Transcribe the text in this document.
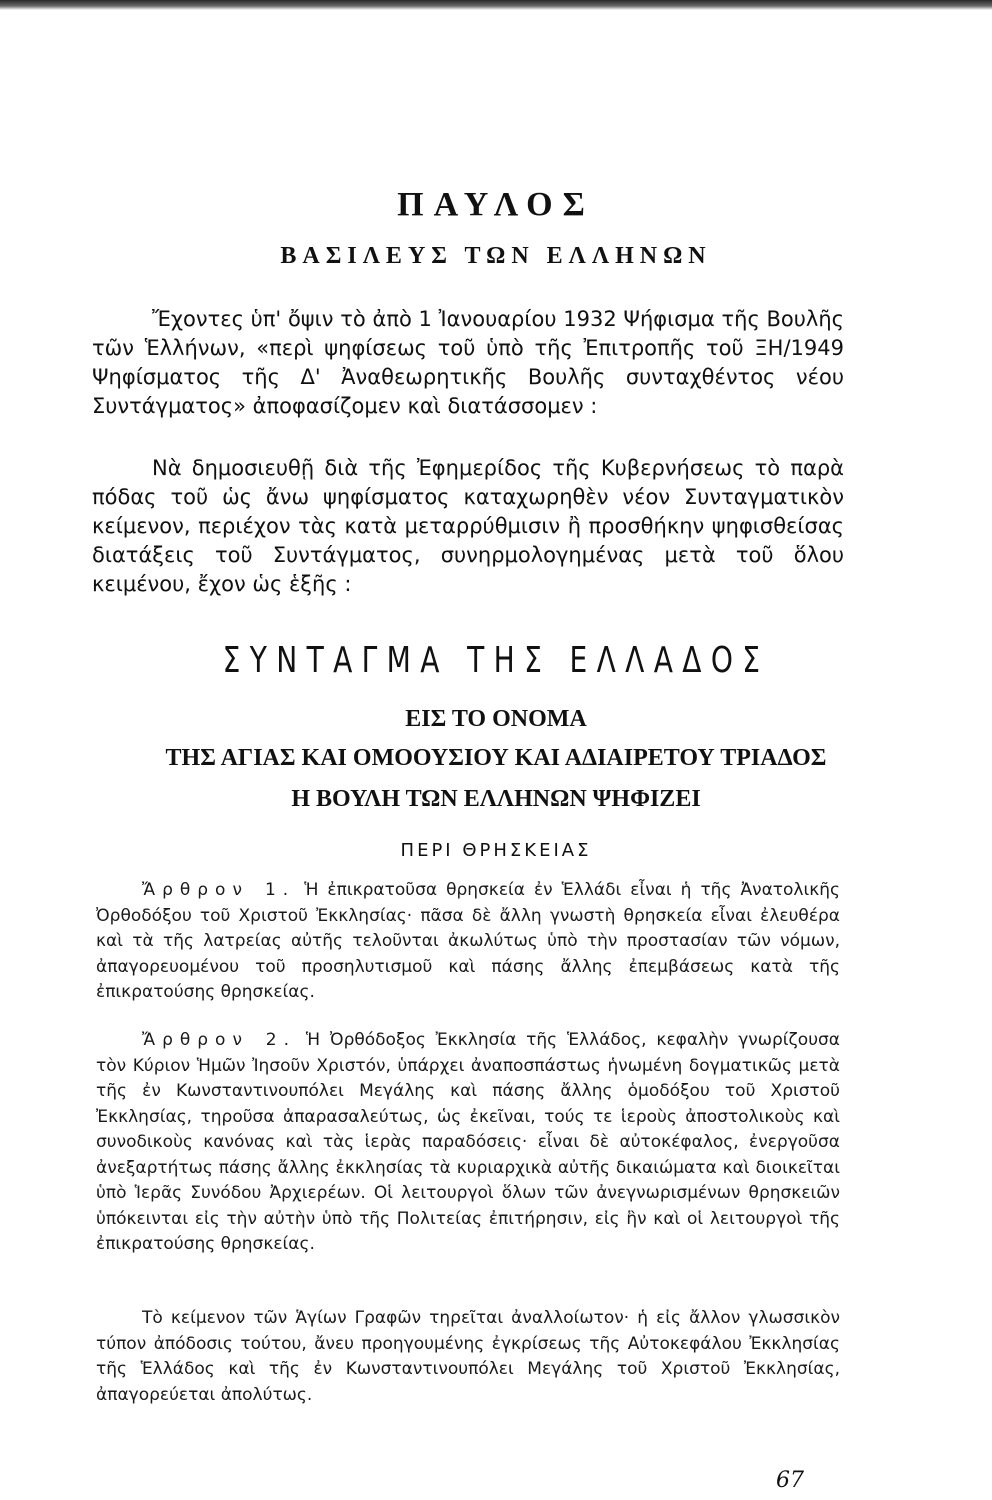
ΠΑΥΛΟΣ
ΒΑΣΙΛΕΥΣ ΤΩΝ ΕΛΛΗΝΩΝ

Ἔχοντες ὑπ' ὄψιν τὸ ἀπὸ 1 Ἰανουαρίου 1932 Ψήφισμα τῆς Βουλῆς τῶν Ἑλλήνων, «περὶ ψηφίσεως τοῦ ὑπὸ τῆς Ἐπιτροπῆς τοῦ ΞΗ/1949 Ψηφίσματος τῆς Δ' Ἀναθεωρητικῆς Βουλῆς συνταχθέντος νέου Συντάγματος» ἀποφασίζομεν καὶ διατάσσομεν :

Νὰ δημοσιευθῇ διὰ τῆς Ἐφημερίδος τῆς Κυβερνήσεως τὸ παρὰ πόδας τοῦ ὡς ἄνω ψηφίσματος καταχωρηθὲν νέον Συνταγματικὸν κείμενον, περιέχον τὰς κατὰ μεταρρύθμισιν ἢ προσθήκην ψηφισθείσας διατάξεις τοῦ Συντάγματος, συνηρμολογημένας μετὰ τοῦ ὅλου κειμένου, ἔχον ὡς ἑξῆς :

ΣΥΝΤΑΓΜΑ ΤΗΣ ΕΛΛΑΔΟΣ
ΕΙΣ ΤΟ ΟΝΟΜΑ
ΤΗΣ ΑΓΙΑΣ ΚΑΙ ΟΜΟΟΥΣΙΟΥ ΚΑΙ ΑΔΙΑΙΡΕΤΟΥ ΤΡΙΑΔΟΣ
Η ΒΟΥΛΗ ΤΩΝ ΕΛΛΗΝΩΝ ΨΗΦΙΖΕΙ
ΠΕΡΙ ΘΡΗΣΚΕΙΑΣ

Ἄρθρον 1. Ἡ ἐπικρατοῦσα θρησκεία ἐν Ἑλλάδι εἶναι ἡ τῆς Ἀνατολικῆς Ὀρθοδόξου τοῦ Χριστοῦ Ἐκκλησίας· πᾶσα δὲ ἄλλη γνωστὴ θρησκεία εἶναι ἐλευθέρα καὶ τὰ τῆς λατρείας αὐτῆς τελοῦνται ἀκωλύτως ὑπὸ τὴν προστασίαν τῶν νόμων, ἀπαγορευομένου τοῦ προσηλυτισμοῦ καὶ πάσης ἄλλης ἐπεμβάσεως κατὰ τῆς ἐπικρατούσης θρησκείας.

Ἄρθρον 2. Ἡ Ὀρθόδοξος Ἐκκλησία τῆς Ἑλλάδος, κεφαλὴν γνωρίζουσα τὸν Κύριον Ἡμῶν Ἰησοῦν Χριστόν, ὑπάρχει ἀναποσπάστως ἡνωμένη δογματικῶς μετὰ τῆς ἐν Κωνσταντινουπόλει Μεγάλης καὶ πάσης ἄλλης ὁμοδόξου τοῦ Χριστοῦ Ἐκκλησίας, τηροῦσα ἀπαρασαλεύτως, ὡς ἐκεῖναι, τούς τε ἱεροὺς ἀποστολικοὺς καὶ συνοδικοὺς κανόνας καὶ τὰς ἱερὰς παραδόσεις· εἶναι δὲ αὐτοκέφαλος, ἐνεργοῦσα ἀνεξαρτήτως πάσης ἄλλης ἐκκλησίας τὰ κυριαρχικὰ αὐτῆς δικαιώματα καὶ διοικεῖται ὑπὸ Ἱερᾶς Συνόδου Ἀρχιερέων. Οἱ λειτουργοὶ ὅλων τῶν ἀνεγνωρισμένων θρησκειῶν ὑπόκεινται εἰς τὴν αὐτὴν ὑπὸ τῆς Πολιτείας ἐπιτήρησιν, εἰς ἣν καὶ οἱ λειτουργοὶ τῆς ἐπικρατούσης θρησκείας.

Τὸ κείμενον τῶν Ἁγίων Γραφῶν τηρεῖται ἀναλλοίωτον· ἡ εἰς ἄλλον γλωσσικὸν τύπον ἀπόδοσις τούτου, ἄνευ προηγουμένης ἐγκρίσεως τῆς Αὐτοκεφάλου Ἐκκλησίας τῆς Ἑλλάδος καὶ τῆς ἐν Κωνσταντινουπόλει Μεγάλης τοῦ Χριστοῦ Ἐκκλησίας, ἀπαγορεύεται ἀπολύτως.

67
